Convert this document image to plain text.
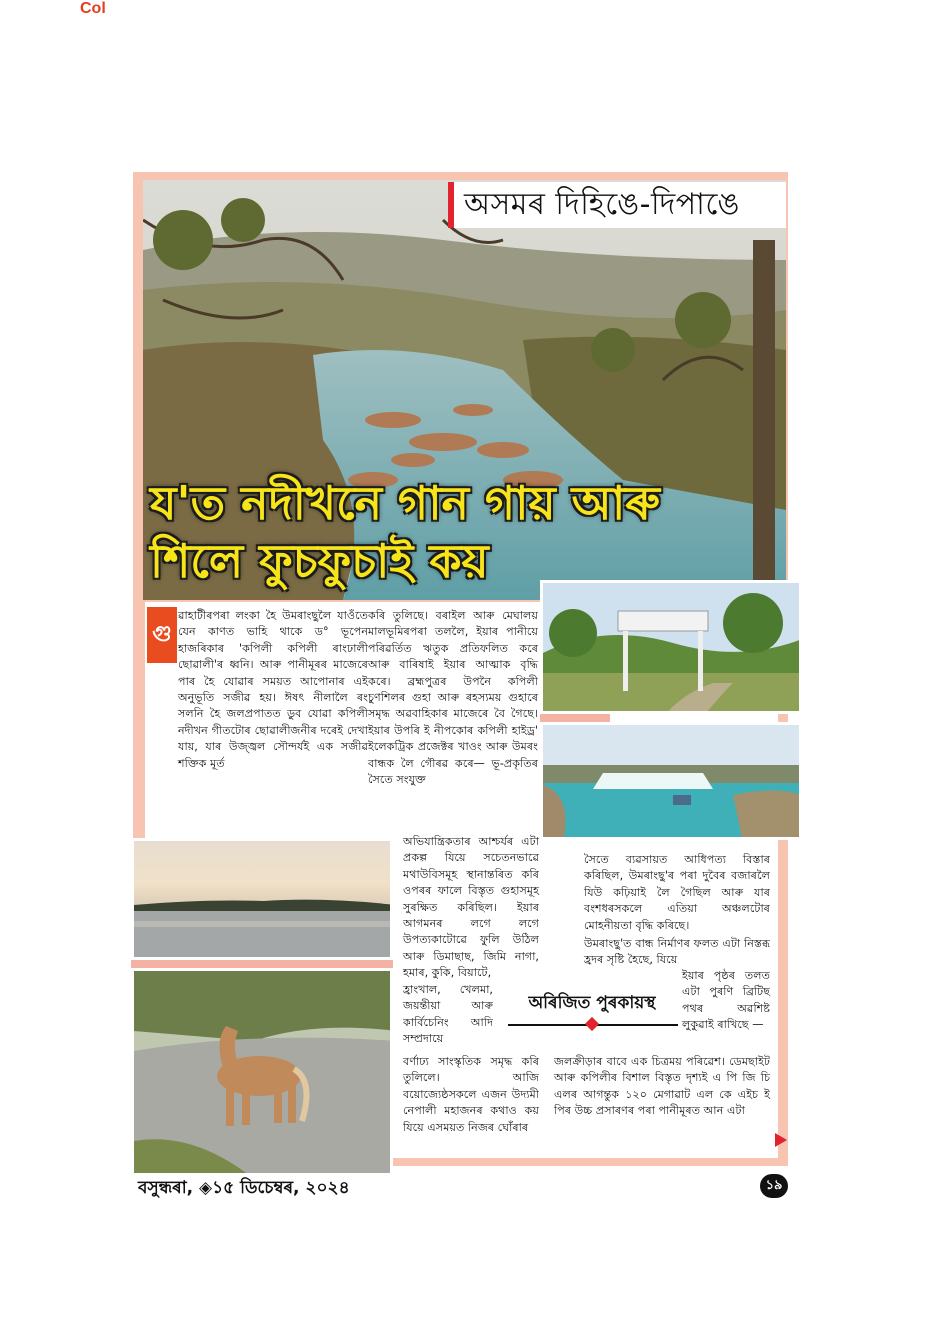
Col
অসমৰ দিহিঙে-দিপাঙে
য'ত নদীখনে গান গায় আৰু
শিলে ফুচফুচাই কয়
গু

ৱাহাটীৰপৰা লংকা হৈ উমৰাংছুলৈ যাওঁতে যেন কাণত ভাহি থাকে ড° ভূপেন হাজৰিকাৰ 'কপিলী কপিলী ৰাংঢালী ছোৱালী'ৰ ধ্বনি। আৰু পানীমূৰৰ মাজেৰে পাৰ হৈ যোৱাৰ সময়ত আপোনাৰ এই অনুভূতি সজীৱ হয়। ঈষৎ নীলালৈ ৰং সলনি হৈ জলপ্ৰপাতত ডুব যোৱা কপিলী নদীখন গীতটোৰ ছোৱালীজনীৰ দৰেই দেখা যায়, যাৰ উজ্জ্বল সৌন্দৰ্যই এক সজীৱ শক্তিক মূৰ্ত

কৰি তুলিছে। বৰাইল আৰু মেঘালয় মালভূমিৰপৰা তললৈ, ইয়াৰ পানীয়ে পৰিৱৰ্তিত ঋতুক প্ৰতিফলিত কৰে আৰু বাৰিষাই ইয়াৰ আত্মাক বৃদ্ধি কৰে। ব্ৰহ্মপুত্ৰৰ উপনৈ কপিলী চুণশিলৰ গুহা আৰু ৰহস্যময় গুহাৰে সমৃদ্ধ অৱবাহিকাৰ মাজেৰে বৈ গৈছে। ইয়াৰ উপৰি ই নীপকোৰ কপিলী হাইড্ৰ' ইলেকট্ৰিক প্ৰজেক্টৰ খাওং আৰু উমৰং বান্ধক লৈ গৌৰৱ কৰে— ভূ-প্ৰকৃতিৰ সৈতে সংযুক্ত

অভিযান্ত্ৰিকতাৰ আশ্চৰ্যৰ এটা প্ৰকল্প যিয়ে সচেতনভাৱে মথাউবিসমূহ স্থানান্তৰিত কৰি ওপৰৰ ফালে বিস্তৃত গুহাসমূহ সুৰক্ষিত কৰিছিল। ইয়াৰ আগমনৰ লগে লগে উপত্যকাটোৱে ফুলি উঠিল আৰু ডিমাছাছ, জিমি নাগা, হমাৰ, কুকি, বিয়াটে,

হ্ৰাংখাল, খেলমা, জয়ন্তীয়া আৰু কাৰ্বিচেনিং আদি সম্প্ৰদায়ে

বৰ্ণাঢ্য সাংস্কৃতিক সমৃদ্ধ কৰি তুলিলে। আজি বয়োজ্যেষ্ঠসকলে এজন উদ্যমী নেপালী মহাজনৰ কথাও কয় যিয়ে এসময়ত নিজৰ ঘোঁৰাৰ

সৈতে ব্যৱসায়ত আধিপত্য বিস্তাৰ কৰিছিল, উমৰাংছু'ৰ পৰা দুবৈৰ বজাৰলৈ যিউ কঢ়িয়াই লৈ গৈছিল আৰু যাৰ বংশধৰসকলে এতিয়া অঞ্চলটোৰ মোহনীয়তা বৃদ্ধি কৰিছে।

উমৰাংছু'ত বান্ধ নিৰ্মাণৰ ফলত এটা নিস্তব্ধ হ্ৰদৰ সৃষ্টি হৈছে, যিয়ে

ইয়াৰ পৃষ্ঠৰ তলত এটা পুৰণি ব্ৰিটিছ পথৰ অৱশিষ্ট লুকুৱাই ৰাখিছে —

জলক্ৰীড়াৰ বাবে এক চিত্ৰময় পৰিৱেশ। ডেমছাইট আৰু কপিলীৰ বিশাল বিস্তৃত দৃশ্যই এ পি জি চি এলৰ আগন্তুক ১২০ মেগাৱাট এল কে এইচ ই পিৰ উচ্চ প্ৰসাৰণৰ পৰা পানীমূৰত আন এটা

অৰিজিত পুৰকায়স্থ
বসুন্ধৰা, ◈১৫ ডিচেম্বৰ, ২০২৪	১৯
